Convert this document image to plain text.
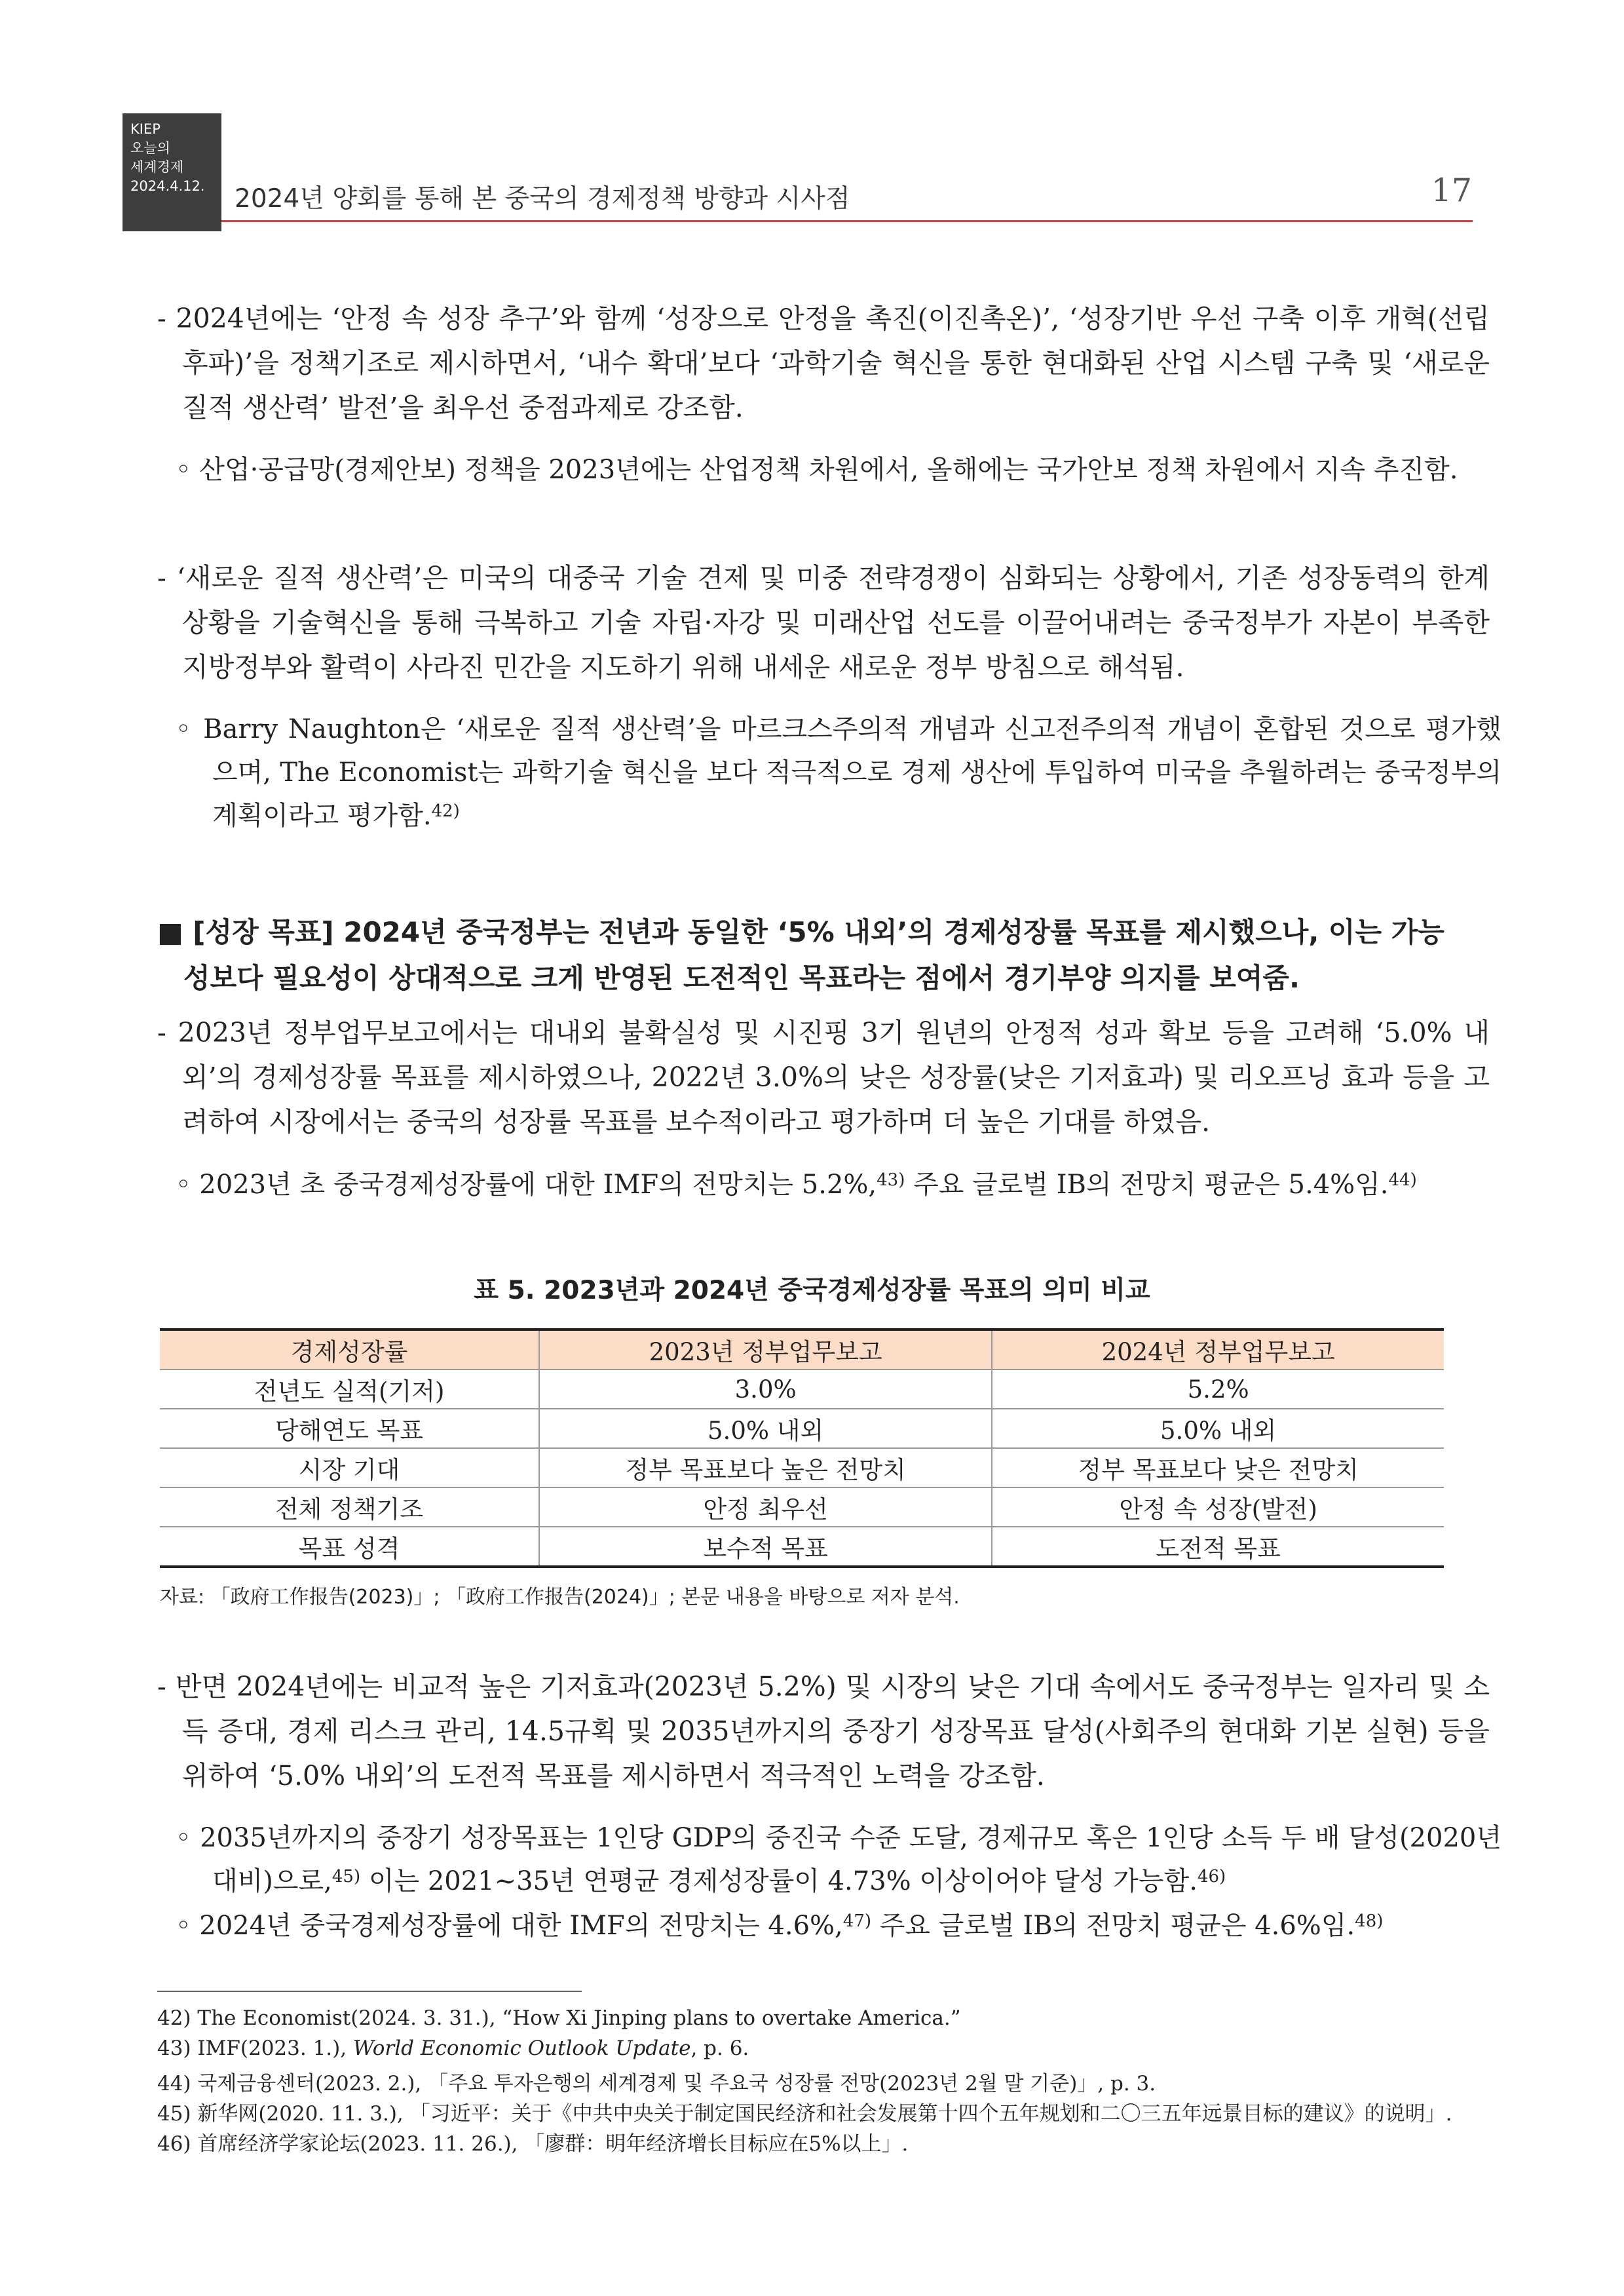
KIEP
오늘의
세계경제
2024.4.12.	2024년 양회를 통해 본 중국의 경제정책 방향과 시사점	17
- 2024년에는 ‘안정 속 성장 추구’와 함께 ‘성장으로 안정을 촉진(이진촉온)’, ‘성장기반 우선 구축 이후 개혁(선립후파)’을 정책기조로 제시하면서, ‘내수 확대’보다 ‘과학기술 혁신을 통한 현대화된 산업 시스템 구축 및 ‘새로운 질적 생산력’ 발전’을 최우선 중점과제로 강조함.
◦ 산업·공급망(경제안보) 정책을 2023년에는 산업정책 차원에서, 올해에는 국가안보 정책 차원에서 지속 추진함.
- ‘새로운 질적 생산력’은 미국의 대중국 기술 견제 및 미중 전략경쟁이 심화되는 상황에서, 기존 성장동력의 한계 상황을 기술혁신을 통해 극복하고 기술 자립·자강 및 미래산업 선도를 이끌어내려는 중국정부가 자본이 부족한 지방정부와 활력이 사라진 민간을 지도하기 위해 내세운 새로운 정부 방침으로 해석됨.
◦ Barry Naughton은 ‘새로운 질적 생산력’을 마르크스주의적 개념과 신고전주의적 개념이 혼합된 것으로 평가했으며, The Economist는 과학기술 혁신을 보다 적극적으로 경제 생산에 투입하여 미국을 추월하려는 중국정부의 계획이라고 평가함.$^{42)}$
■ [성장 목표] 2024년 중국정부는 전년과 동일한 ‘5% 내외’의 경제성장률 목표를 제시했으나, 이는 가능성보다 필요성이 상대적으로 크게 반영된 도전적인 목표라는 점에서 경기부양 의지를 보여줌.
- 2023년 정부업무보고에서는 대내외 불확실성 및 시진핑 3기 원년의 안정적 성과 확보 등을 고려해 ‘5.0% 내외’의 경제성장률 목표를 제시하였으나, 2022년 3.0%의 낮은 성장률(낮은 기저효과) 및 리오프닝 효과 등을 고려하여 시장에서는 중국의 성장률 목표를 보수적이라고 평가하며 더 높은 기대를 하였음.
◦ 2023년 초 중국경제성장률에 대한 IMF의 전망치는 5.2%,$^{43)}$ 주요 글로벌 IB의 전망치 평균은 5.4%임.$^{44)}$
표 5. 2023년과 2024년 중국경제성장률 목표의 의미 비교
경제성장률	2023년 정부업무보고	2024년 정부업무보고
전년도 실적(기저)	3.0%	5.2%
당해연도 목표	5.0% 내외	5.0% 내외
시장 기대	정부 목표보다 높은 전망치	정부 목표보다 낮은 전망치
전체 정책기조	안정 최우선	안정 속 성장(발전)
목표 성격	보수적 목표	도전적 목표
자료: 「政府工作报告(2023)」; 「政府工作报告(2024)」; 본문 내용을 바탕으로 저자 분석.
- 반면 2024년에는 비교적 높은 기저효과(2023년 5.2%) 및 시장의 낮은 기대 속에서도 중국정부는 일자리 및 소득 증대, 경제 리스크 관리, 14.5규획 및 2035년까지의 중장기 성장목표 달성(사회주의 현대화 기본 실현) 등을 위하여 ‘5.0% 내외’의 도전적 목표를 제시하면서 적극적인 노력을 강조함.
◦ 2035년까지의 중장기 성장목표는 1인당 GDP의 중진국 수준 도달, 경제규모 혹은 1인당 소득 두 배 달성(2020년 대비)으로,$^{45)}$ 이는 2021~35년 연평균 경제성장률이 4.73% 이상이어야 달성 가능함.$^{46)}$
◦ 2024년 중국경제성장률에 대한 IMF의 전망치는 4.6%,$^{47)}$ 주요 글로벌 IB의 전망치 평균은 4.6%임.$^{48)}$
42) The Economist(2024. 3. 31.), “How Xi Jinping plans to overtake America.”
43) IMF(2023. 1.), World Economic Outlook Update, p. 6.
44) 국제금융센터(2023. 2.), 「주요 투자은행의 세계경제 및 주요국 성장률 전망(2023년 2월 말 기준)」, p. 3.
45) 新华网(2020. 11. 3.), 「习近平：关于《中共中央关于制定国民经济和社会发展第十四个五年规划和二〇三五年远景目标的建议》的说明」.
46) 首席经济学家论坛(2023. 11. 26.), 「廖群：明年经济增长目标应在5%以上」.
